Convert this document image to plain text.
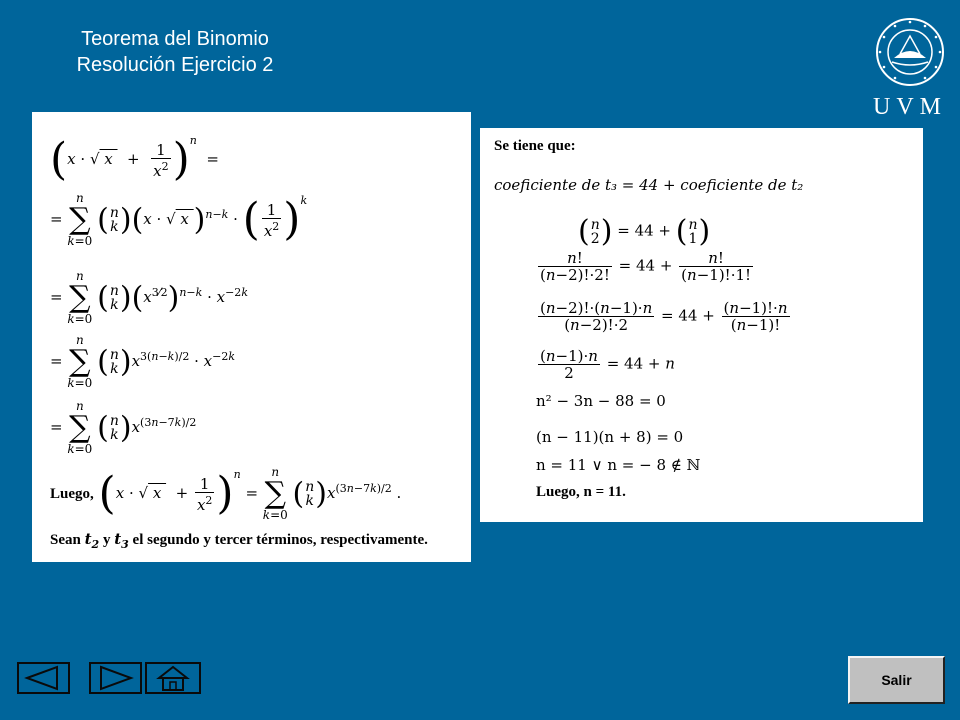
Teorema del Binomio
Resolución Ejercicio 2
UVM
(x · √ $x + \frac{1}{x^2} )^n$  =
= n
∑
k=0 (n
k)(x · √ x )$^{n-k}$ · ( $\frac{1}{x^2} )^k$
= n
∑
k=0 (n
$k)(x^{3⁄2})^{n-k} \cdot x^{-2k}$
= n
∑
k=0 (n
$k)x^{3(n-k)/2} \cdot x^{-2k}$
= n
∑
k=0 (n
$k)x^{(3n-7k)/2}$
Luego, (x · √ $x + \frac{1}{x^2} )^n = n$
∑
k=0 (n
$k)x^{(3n-7k)/2}$ .
Sean $t_2$ y $t_3$ el segundo y tercer términos, respectivamente.
Se tiene que:
coeficiente de t₃ = 44 + coeficiente de t₂
(n
2) = 44 + (n
1)
$\frac{n!}{(n-2)!\cdot 2!} = 44 + \frac{n!}{(n-1)!\cdot 1!}$
$\frac{(n-2)!\cdot(n-1)\cdot n}{(n-2)!\cdot 2} = 44 + \frac{(n-1)!\cdot n}{(n-1)!}$
$\frac{(n-1)\cdot n}{2} = 44 + n$
n² − 3n − 88 = 0
(n − 11)(n + 8) = 0
n = 11 ∨ n = − 8 ∉ ℕ
Luego, n = 11.
Salir
